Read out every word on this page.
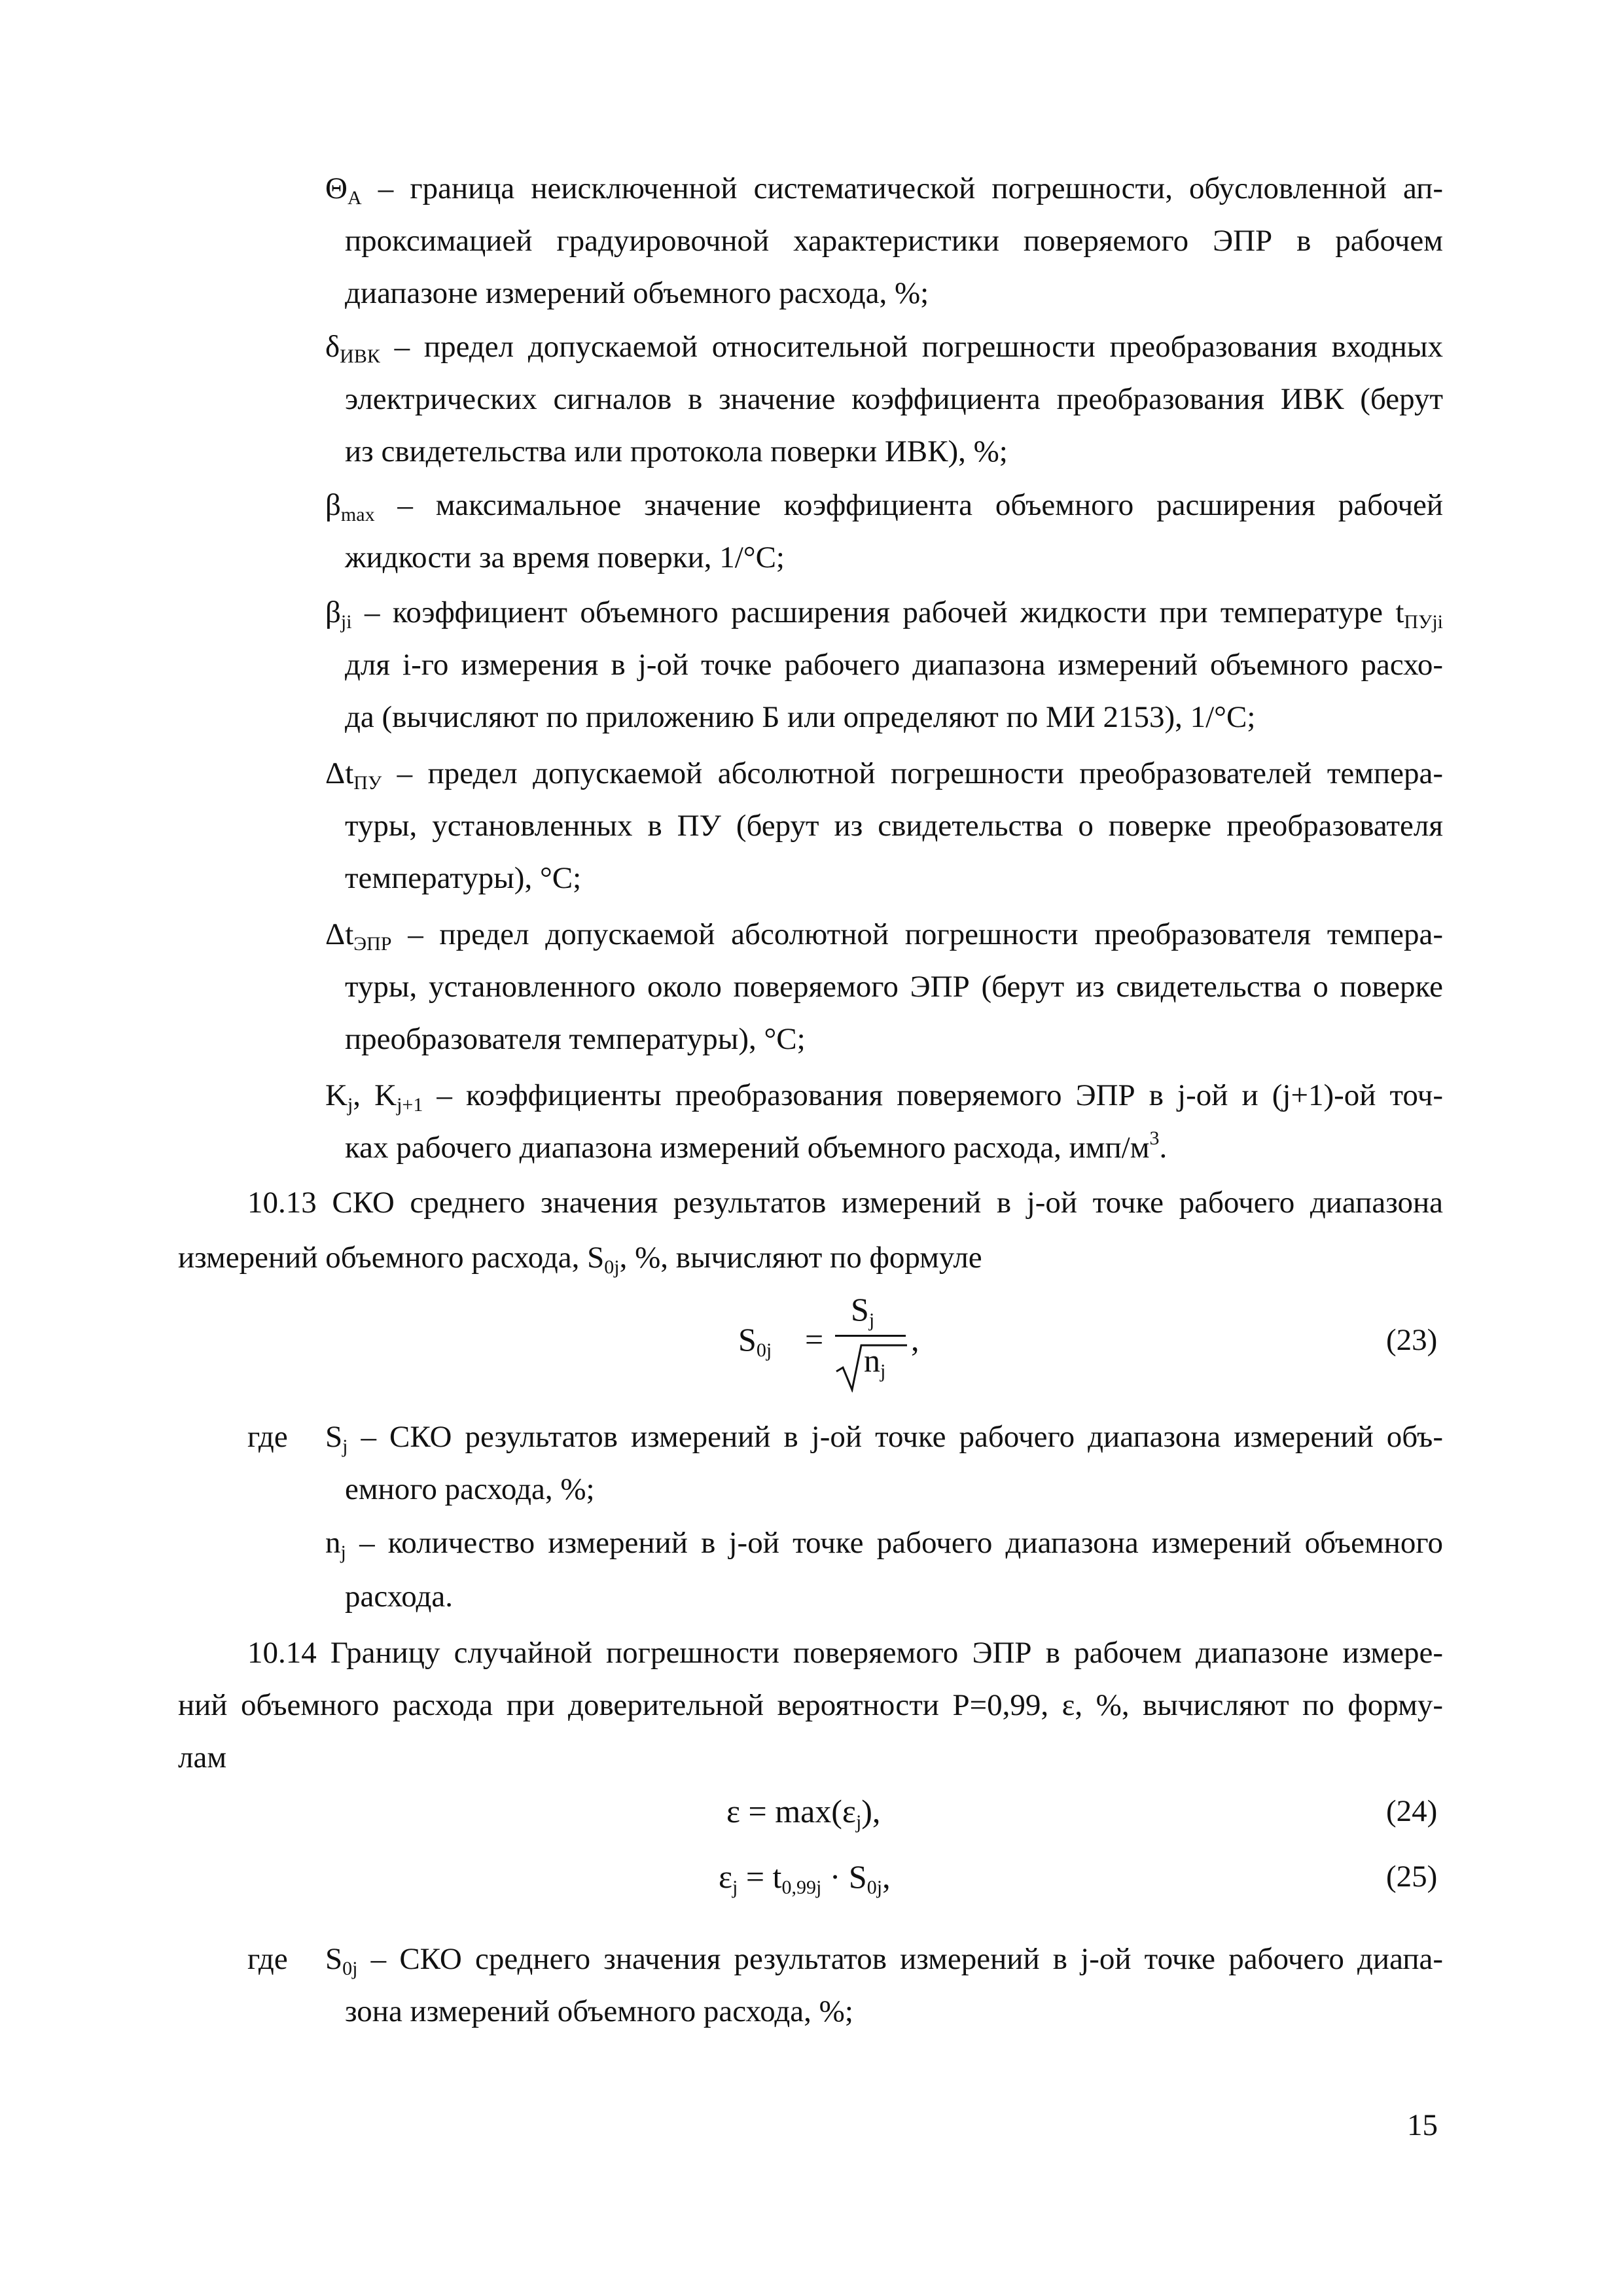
$\Theta_A$ – граница неисключенной систематической погрешности, обусловленной ап-
проксимацией градуировочной характеристики поверяемого ЭПР в рабочем
диапазоне измерений объемного расхода, %;
$\delta_{ИВК}$ – предел допускаемой относительной погрешности преобразования входных
электрических сигналов в значение коэффициента преобразования ИВК (берут
из свидетельства или протокола поверки ИВК), %;
$\beta_{max}$ – максимальное значение коэффициента объемного расширения рабочей
жидкости за время поверки, 1/°С;
$\beta_{ji}$ – коэффициент объемного расширения рабочей жидкости при температуре $t_{ПУji}$
для i-го измерения в j-ой точке рабочего диапазона измерений объемного расхо-
да (вычисляют по приложению Б или определяют по МИ 2153), 1/°С;
$\Delta t_{ПУ}$ – предел допускаемой абсолютной погрешности преобразователей темпера-
туры, установленных в ПУ (берут из свидетельства о поверке преобразователя
температуры), °С;
$\Delta t_{ЭПР}$ – предел допускаемой абсолютной погрешности преобразователя темпера-
туры, установленного около поверяемого ЭПР (берут из свидетельства о поверке
преобразователя температуры), °С;
$K_j$, $K_{j+1}$ – коэффициенты преобразования поверяемого ЭПР в j-ой и (j+1)-ой точ-
ках рабочего диапазона измерений объемного расхода, имп/$м^3$.
10.13 СКО среднего значения результатов измерений в j-ой точке рабочего диапазона
измерений объемного расхода, $S_{0j}$, %, вычисляют по формуле
$S_{0j}$ =
$S_j$
$n_j$
,	(23)
где $S_j$ – СКО результатов измерений в j-ой точке рабочего диапазона измерений объ-
емного расхода, %;
$n_j$ – количество измерений в j-ой точке рабочего диапазона измерений объемного
расхода.
10.14 Границу случайной погрешности поверяемого ЭПР в рабочем диапазоне измере-
ний объемного расхода при доверительной вероятности Р=0,99, ε, %, вычисляют по форму-
лам
$\varepsilon = \max(\varepsilon_j)$,	(24)
$\varepsilon_j = t_{0,99j} \cdot S_{0j}$,	(25)
где $S_{0j}$ – СКО среднего значения результатов измерений в j-ой точке рабочего диапа-
зона измерений объемного расхода, %;
15
